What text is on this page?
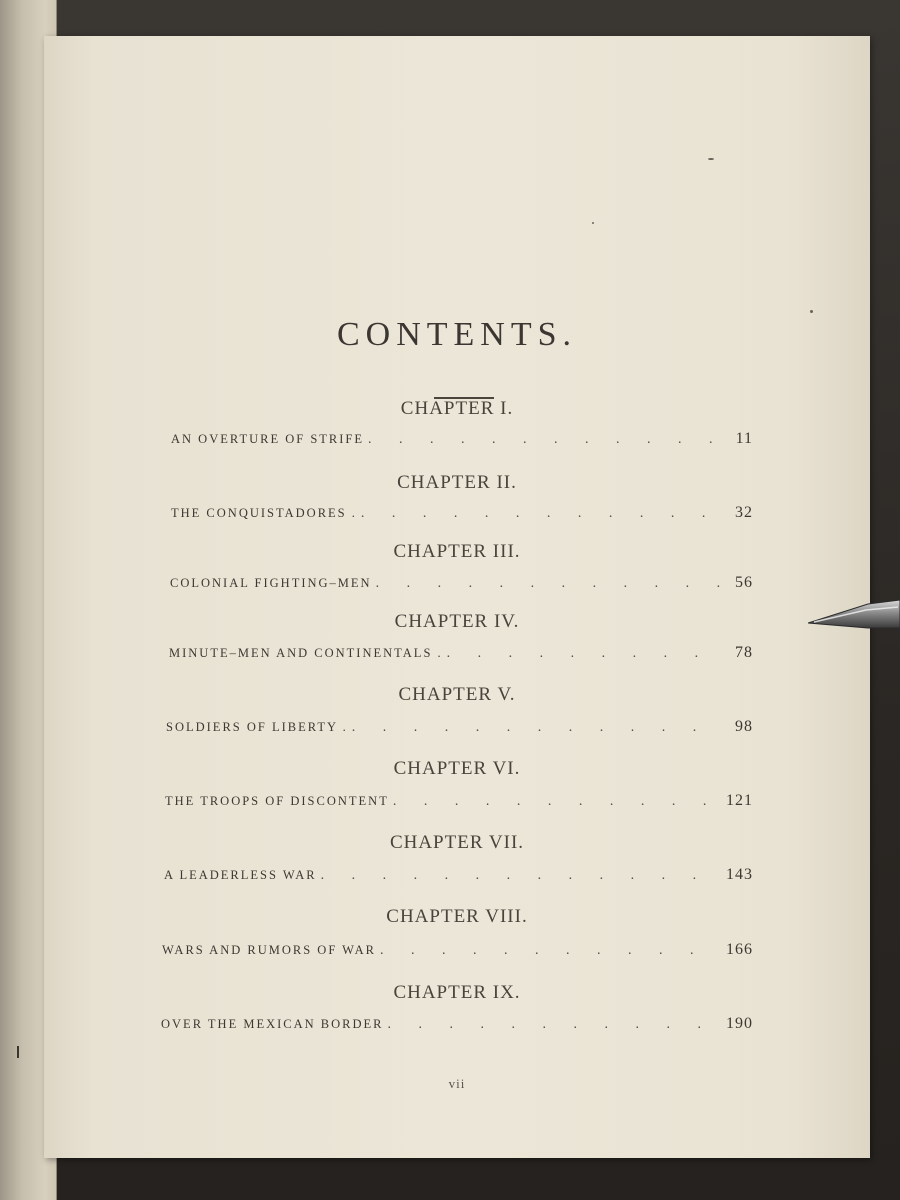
CONTENTS.
CHAPTER I.
AN OVERTURE OF STRIFE . . .	11
CHAPTER II.
THE CONQUISTADORES . . . .	32
CHAPTER III.
COLONIAL FIGHTING–MEN . . .	56
CHAPTER IV.
MINUTE–MEN AND CONTINENTALS . . . .	78
CHAPTER V.
SOLDIERS OF LIBERTY . . . .	98
CHAPTER VI.
THE TROOPS OF DISCONTENT . . .	121
CHAPTER VII.
A LEADERLESS WAR . . .	143
CHAPTER VIII.
WARS AND RUMORS OF WAR . . .	166
CHAPTER IX.
OVER THE MEXICAN BORDER . . .	190
vii
